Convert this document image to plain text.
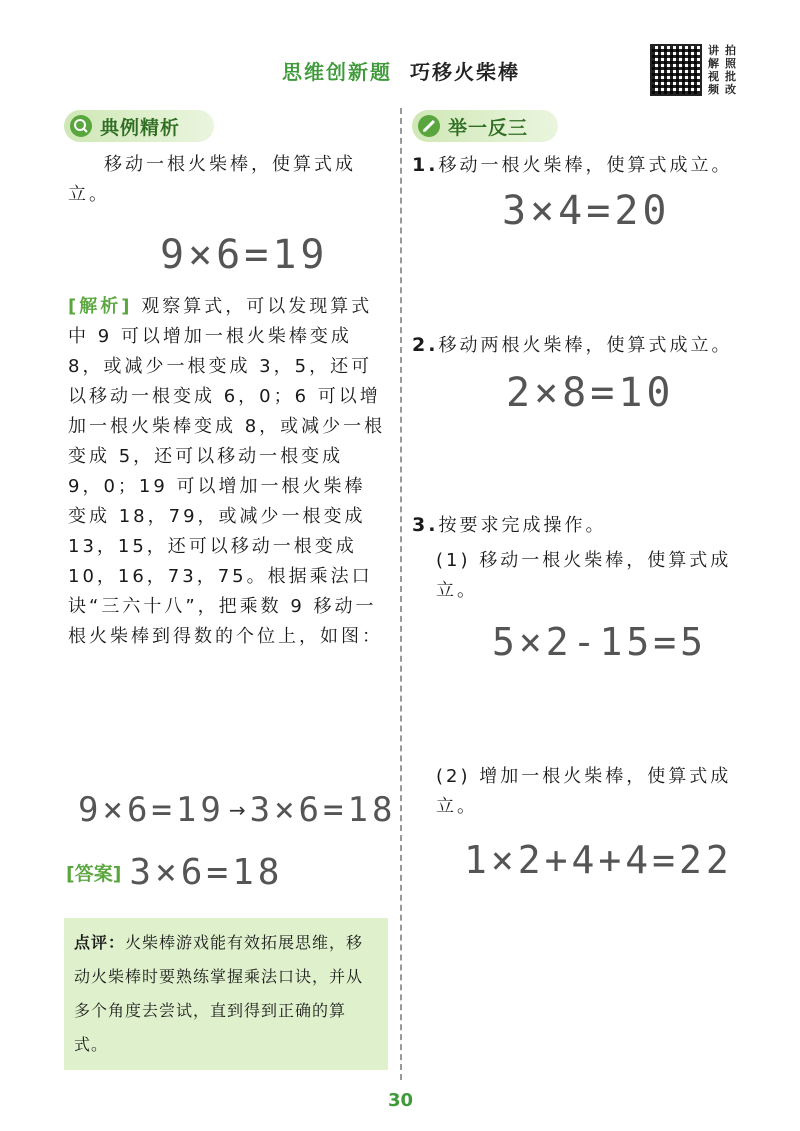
思维创新题 巧移火柴棒
讲 拍
解 照
视 批
频 改
典例精析
移动一根火柴棒，使算式成立。
9×6=19
[解析] 观察算式，可以发现算式中 9 可以增加一根火柴棒变成 8，或减少一根变成 3，5，还可以移动一根变成 6，0；6 可以增加一根火柴棒变成 8，或减少一根变成 5，还可以移动一根变成 9，0；19 可以增加一根火柴棒变成 18，79，或减少一根变成 13，15，还可以移动一根变成 10，16，73，75。根据乘法口诀“三六十八”，把乘数 9 移动一根火柴棒到得数的个位上，如图：
9×6=19 → 3×6=18
[答案] 3×6=18
点评：火柴棒游戏能有效拓展思维，移动火柴棒时要熟练掌握乘法口诀，并从多个角度去尝试，直到得到正确的算式。
举一反三
1.移动一根火柴棒，使算式成立。
3×4=20
2.移动两根火柴棒，使算式成立。
2×8=10
3.按要求完成操作。
(1) 移动一根火柴棒，使算式成立。
5×2-15=5
(2) 增加一根火柴棒，使算式成立。
1×2+4+4=22
30
